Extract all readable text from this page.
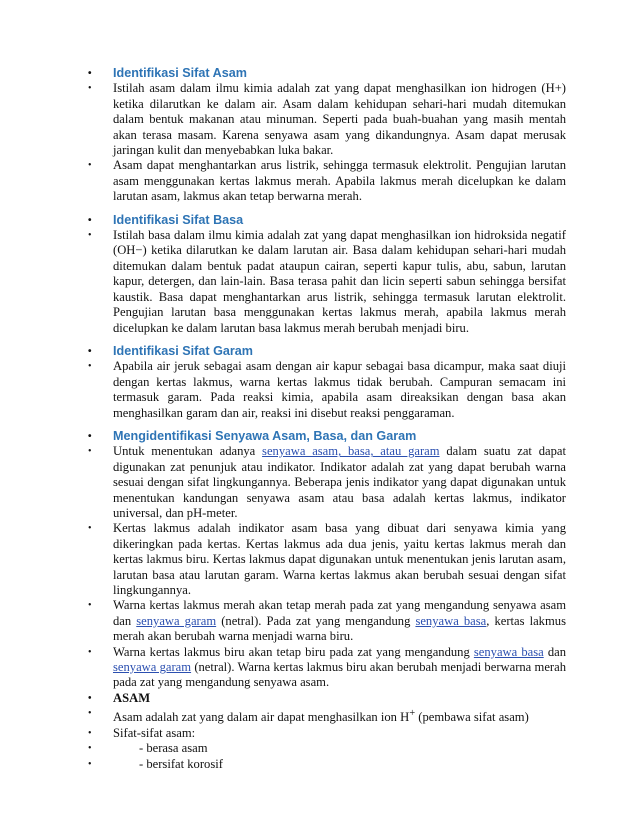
•	Identifikasi Sifat Asam
•	Istilah asam dalam ilmu kimia adalah zat yang dapat menghasilkan ion hidrogen (H+) ketika dilarutkan ke dalam air. Asam dalam kehidupan sehari-hari mudah ditemukan dalam bentuk makanan atau minuman. Seperti pada buah-buahan yang masih mentah akan terasa masam. Karena senyawa asam yang dikandungnya. Asam dapat merusak jaringan kulit dan menyebabkan luka bakar.
•	Asam dapat menghantarkan arus listrik, sehingga termasuk elektrolit. Pengujian larutan asam menggunakan kertas lakmus merah. Apabila lakmus merah dicelupkan ke dalam larutan asam, lakmus akan tetap berwarna merah.
•	Identifikasi Sifat Basa
•	Istilah basa dalam ilmu kimia adalah zat yang dapat menghasilkan ion hidroksida negatif (OH−) ketika dilarutkan ke dalam larutan air. Basa dalam kehidupan sehari-hari mudah ditemukan dalam bentuk padat ataupun cairan, seperti kapur tulis, abu, sabun, larutan kapur, detergen, dan lain-lain. Basa terasa pahit dan licin seperti sabun sehingga bersifat kaustik. Basa dapat menghantarkan arus listrik, sehingga termasuk larutan elektrolit. Pengujian larutan basa menggunakan kertas lakmus merah, apabila lakmus merah dicelupkan ke dalam larutan basa lakmus merah berubah menjadi biru.
•	Identifikasi Sifat Garam
•	Apabila air jeruk sebagai asam dengan air kapur sebagai basa dicampur, maka saat diuji dengan kertas lakmus, warna kertas lakmus tidak berubah. Campuran semacam ini termasuk garam. Pada reaksi kimia, apabila asam direaksikan dengan basa akan menghasilkan garam dan air, reaksi ini disebut reaksi penggaraman.
•	Mengidentifikasi Senyawa Asam, Basa, dan Garam
•	Untuk menentukan adanya senyawa asam, basa, atau garam dalam suatu zat dapat digunakan zat penunjuk atau indikator. Indikator adalah zat yang dapat berubah warna sesuai dengan sifat lingkungannya. Beberapa jenis indikator yang dapat digunakan untuk menentukan kandungan senyawa asam atau basa adalah kertas lakmus, indikator universal, dan pH-meter.
•	Kertas lakmus adalah indikator asam basa yang dibuat dari senyawa kimia yang dikeringkan pada kertas. Kertas lakmus ada dua jenis, yaitu kertas lakmus merah dan kertas lakmus biru. Kertas lakmus dapat digunakan untuk menentukan jenis larutan asam, larutan basa atau larutan garam. Warna kertas lakmus akan berubah sesuai dengan sifat lingkungannya.
•	Warna kertas lakmus merah akan tetap merah pada zat yang mengandung senyawa asam dan senyawa garam (netral). Pada zat yang mengandung senyawa basa, kertas lakmus merah akan berubah warna menjadi warna biru.
•	Warna kertas lakmus biru akan tetap biru pada zat yang mengandung senyawa basa dan senyawa garam (netral). Warna kertas lakmus biru akan berubah menjadi berwarna merah pada zat yang mengandung senyawa asam.
•	ASAM
•	Asam adalah zat yang dalam air dapat menghasilkan ion H+ (pembawa sifat asam)
•	Sifat-sifat asam:
•	- berasa asam
•	- bersifat korosif
